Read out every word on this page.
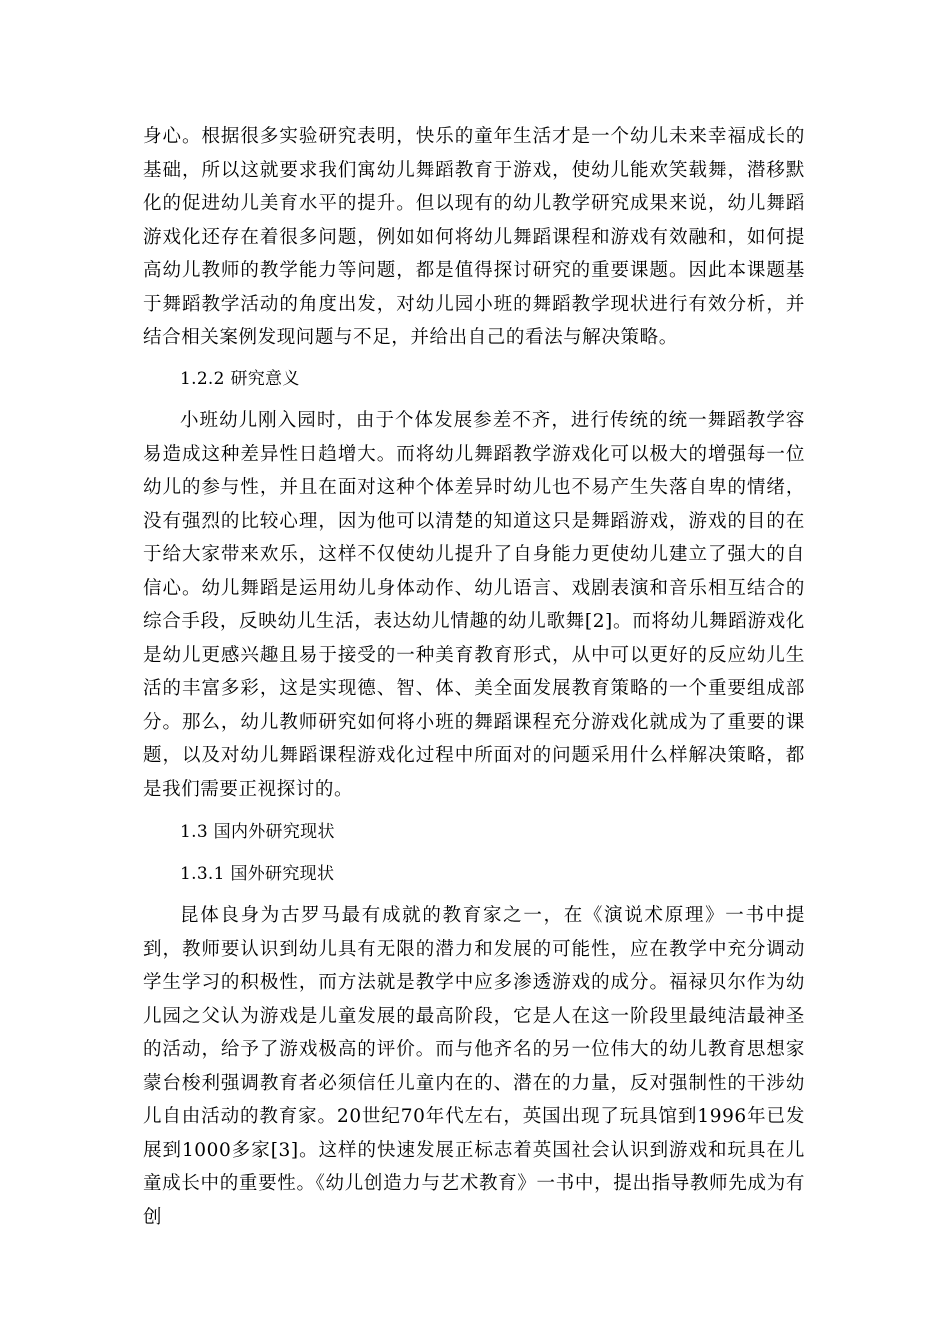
身心。根据很多实验研究表明，快乐的童年生活才是一个幼儿未来幸福成长的基础，所以这就要求我们寓幼儿舞蹈教育于游戏，使幼儿能欢笑载舞，潜移默化的促进幼儿美育水平的提升。但以现有的幼儿教学研究成果来说，幼儿舞蹈游戏化还存在着很多问题，例如如何将幼儿舞蹈课程和游戏有效融和，如何提高幼儿教师的教学能力等问题，都是值得探讨研究的重要课题。因此本课题基于舞蹈教学活动的角度出发，对幼儿园小班的舞蹈教学现状进行有效分析，并结合相关案例发现问题与不足，并给出自己的看法与解决策略。

1.2.2 研究意义

小班幼儿刚入园时，由于个体发展参差不齐，进行传统的统一舞蹈教学容易造成这种差异性日趋增大。而将幼儿舞蹈教学游戏化可以极大的增强每一位幼儿的参与性，并且在面对这种个体差异时幼儿也不易产生失落自卑的情绪，没有强烈的比较心理，因为他可以清楚的知道这只是舞蹈游戏，游戏的目的在于给大家带来欢乐，这样不仅使幼儿提升了自身能力更使幼儿建立了强大的自信心。幼儿舞蹈是运用幼儿身体动作、幼儿语言、戏剧表演和音乐相互结合的综合手段，反映幼儿生活，表达幼儿情趣的幼儿歌舞[2]。而将幼儿舞蹈游戏化是幼儿更感兴趣且易于接受的一种美育教育形式，从中可以更好的反应幼儿生活的丰富多彩，这是实现德、智、体、美全面发展教育策略的一个重要组成部分。那么，幼儿教师研究如何将小班的舞蹈课程充分游戏化就成为了重要的课题，以及对幼儿舞蹈课程游戏化过程中所面对的问题采用什么样解决策略，都是我们需要正视探讨的。

1.3 国内外研究现状

1.3.1 国外研究现状

昆体良身为古罗马最有成就的教育家之一，在《演说术原理》一书中提到，教师要认识到幼儿具有无限的潜力和发展的可能性，应在教学中充分调动学生学习的积极性，而方法就是教学中应多渗透游戏的成分。福禄贝尔作为幼儿园之父认为游戏是儿童发展的最高阶段，它是人在这一阶段里最纯洁最神圣的活动，给予了游戏极高的评价。而与他齐名的另一位伟大的幼儿教育思想家蒙台梭利强调教育者必须信任儿童内在的、潜在的力量，反对强制性的干涉幼儿自由活动的教育家。20世纪70年代左右，英国出现了玩具馆到1996年已发展到1000多家[3]。这样的快速发展正标志着英国社会认识到游戏和玩具在儿童成长中的重要性。《幼儿创造力与艺术教育》一书中，提出指导教师先成为有创
